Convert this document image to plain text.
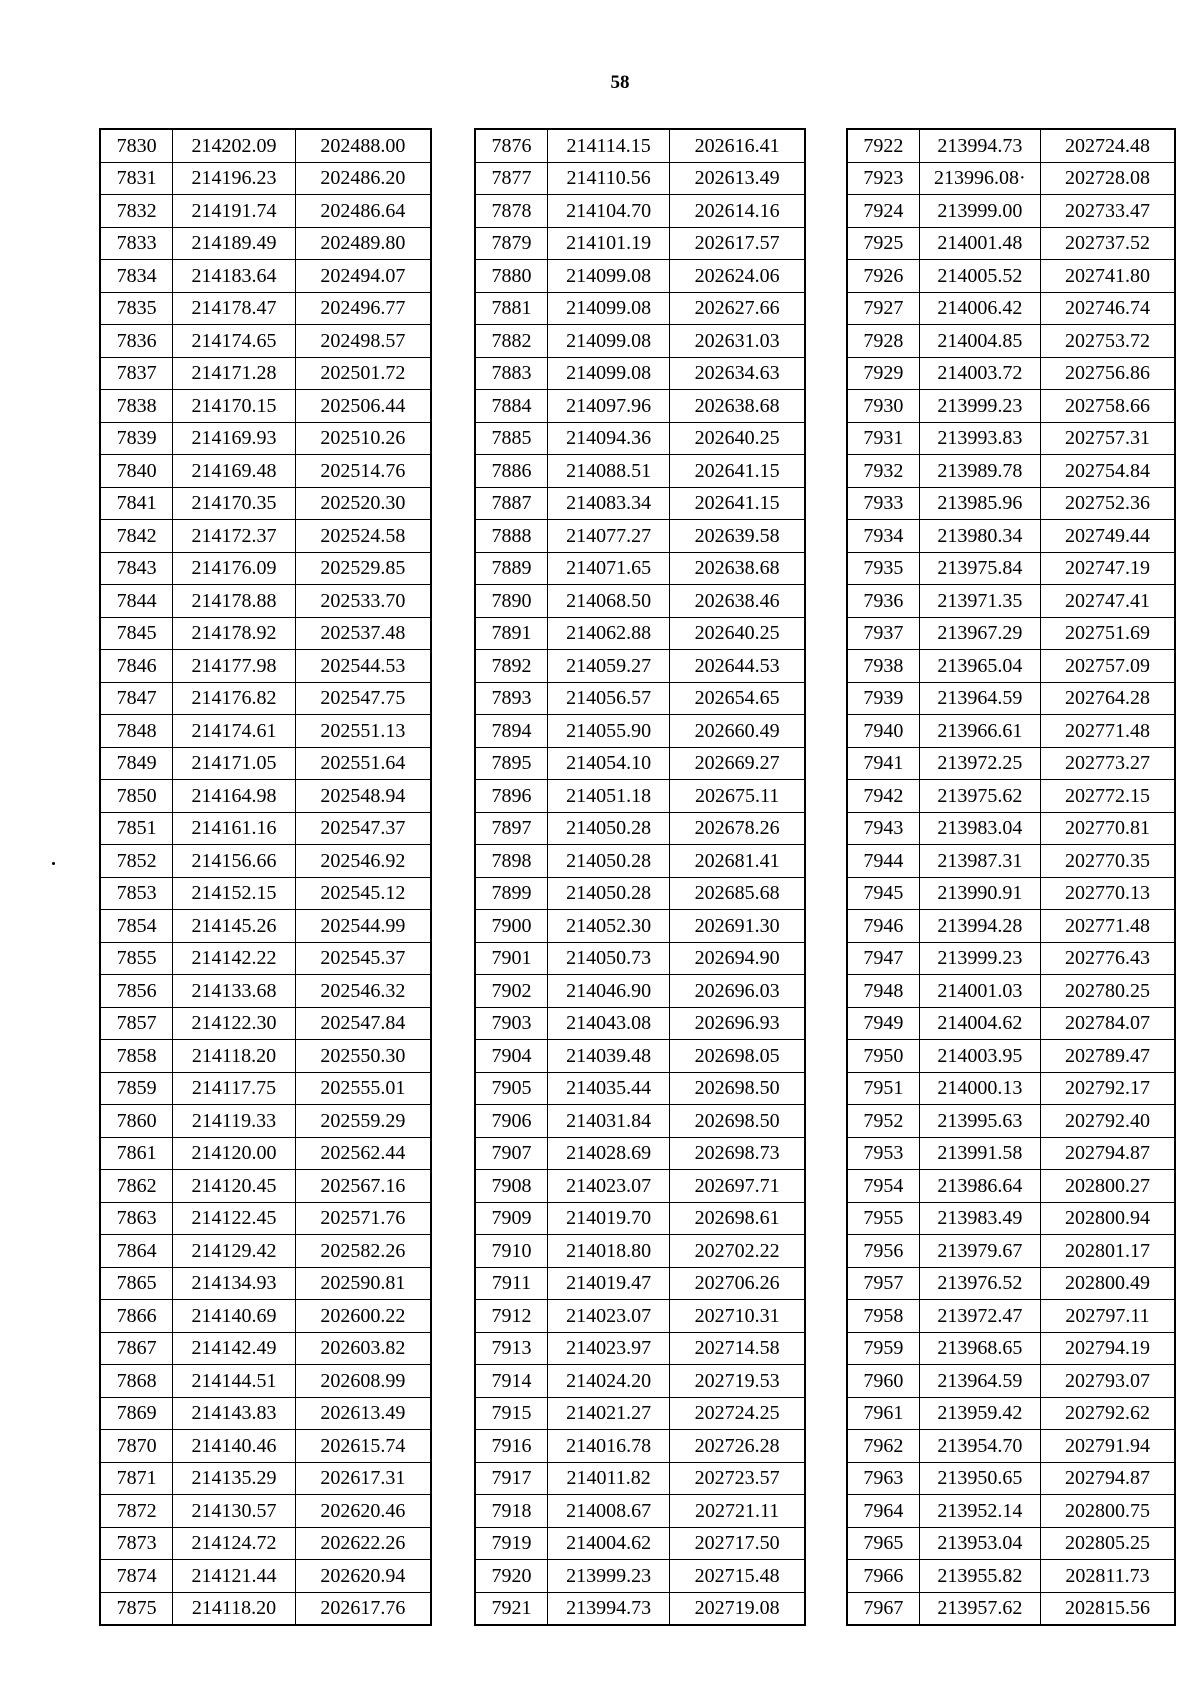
58
7830	214202.09	202488.00
7831	214196.23	202486.20
7832	214191.74	202486.64
7833	214189.49	202489.80
7834	214183.64	202494.07
7835	214178.47	202496.77
7836	214174.65	202498.57
7837	214171.28	202501.72
7838	214170.15	202506.44
7839	214169.93	202510.26
7840	214169.48	202514.76
7841	214170.35	202520.30
7842	214172.37	202524.58
7843	214176.09	202529.85
7844	214178.88	202533.70
7845	214178.92	202537.48
7846	214177.98	202544.53
7847	214176.82	202547.75
7848	214174.61	202551.13
7849	214171.05	202551.64
7850	214164.98	202548.94
7851	214161.16	202547.37
7852	214156.66	202546.92
7853	214152.15	202545.12
7854	214145.26	202544.99
7855	214142.22	202545.37
7856	214133.68	202546.32
7857	214122.30	202547.84
7858	214118.20	202550.30
7859	214117.75	202555.01
7860	214119.33	202559.29
7861	214120.00	202562.44
7862	214120.45	202567.16
7863	214122.45	202571.76
7864	214129.42	202582.26
7865	214134.93	202590.81
7866	214140.69	202600.22
7867	214142.49	202603.82
7868	214144.51	202608.99
7869	214143.83	202613.49
7870	214140.46	202615.74
7871	214135.29	202617.31
7872	214130.57	202620.46
7873	214124.72	202622.26
7874	214121.44	202620.94
7875	214118.20	202617.76
7876	214114.15	202616.41
7877	214110.56	202613.49
7878	214104.70	202614.16
7879	214101.19	202617.57
7880	214099.08	202624.06
7881	214099.08	202627.66
7882	214099.08	202631.03
7883	214099.08	202634.63
7884	214097.96	202638.68
7885	214094.36	202640.25
7886	214088.51	202641.15
7887	214083.34	202641.15
7888	214077.27	202639.58
7889	214071.65	202638.68
7890	214068.50	202638.46
7891	214062.88	202640.25
7892	214059.27	202644.53
7893	214056.57	202654.65
7894	214055.90	202660.49
7895	214054.10	202669.27
7896	214051.18	202675.11
7897	214050.28	202678.26
7898	214050.28	202681.41
7899	214050.28	202685.68
7900	214052.30	202691.30
7901	214050.73	202694.90
7902	214046.90	202696.03
7903	214043.08	202696.93
7904	214039.48	202698.05
7905	214035.44	202698.50
7906	214031.84	202698.50
7907	214028.69	202698.73
7908	214023.07	202697.71
7909	214019.70	202698.61
7910	214018.80	202702.22
7911	214019.47	202706.26
7912	214023.07	202710.31
7913	214023.97	202714.58
7914	214024.20	202719.53
7915	214021.27	202724.25
7916	214016.78	202726.28
7917	214011.82	202723.57
7918	214008.67	202721.11
7919	214004.62	202717.50
7920	213999.23	202715.48
7921	213994.73	202719.08
7922	213994.73	202724.48
7923	213996.08·	202728.08
7924	213999.00	202733.47
7925	214001.48	202737.52
7926	214005.52	202741.80
7927	214006.42	202746.74
7928	214004.85	202753.72
7929	214003.72	202756.86
7930	213999.23	202758.66
7931	213993.83	202757.31
7932	213989.78	202754.84
7933	213985.96	202752.36
7934	213980.34	202749.44
7935	213975.84	202747.19
7936	213971.35	202747.41
7937	213967.29	202751.69
7938	213965.04	202757.09
7939	213964.59	202764.28
7940	213966.61	202771.48
7941	213972.25	202773.27
7942	213975.62	202772.15
7943	213983.04	202770.81
7944	213987.31	202770.35
7945	213990.91	202770.13
7946	213994.28	202771.48
7947	213999.23	202776.43
7948	214001.03	202780.25
7949	214004.62	202784.07
7950	214003.95	202789.47
7951	214000.13	202792.17
7952	213995.63	202792.40
7953	213991.58	202794.87
7954	213986.64	202800.27
7955	213983.49	202800.94
7956	213979.67	202801.17
7957	213976.52	202800.49
7958	213972.47	202797.11
7959	213968.65	202794.19
7960	213964.59	202793.07
7961	213959.42	202792.62
7962	213954.70	202791.94
7963	213950.65	202794.87
7964	213952.14	202800.75
7965	213953.04	202805.25
7966	213955.82	202811.73
7967	213957.62	202815.56
